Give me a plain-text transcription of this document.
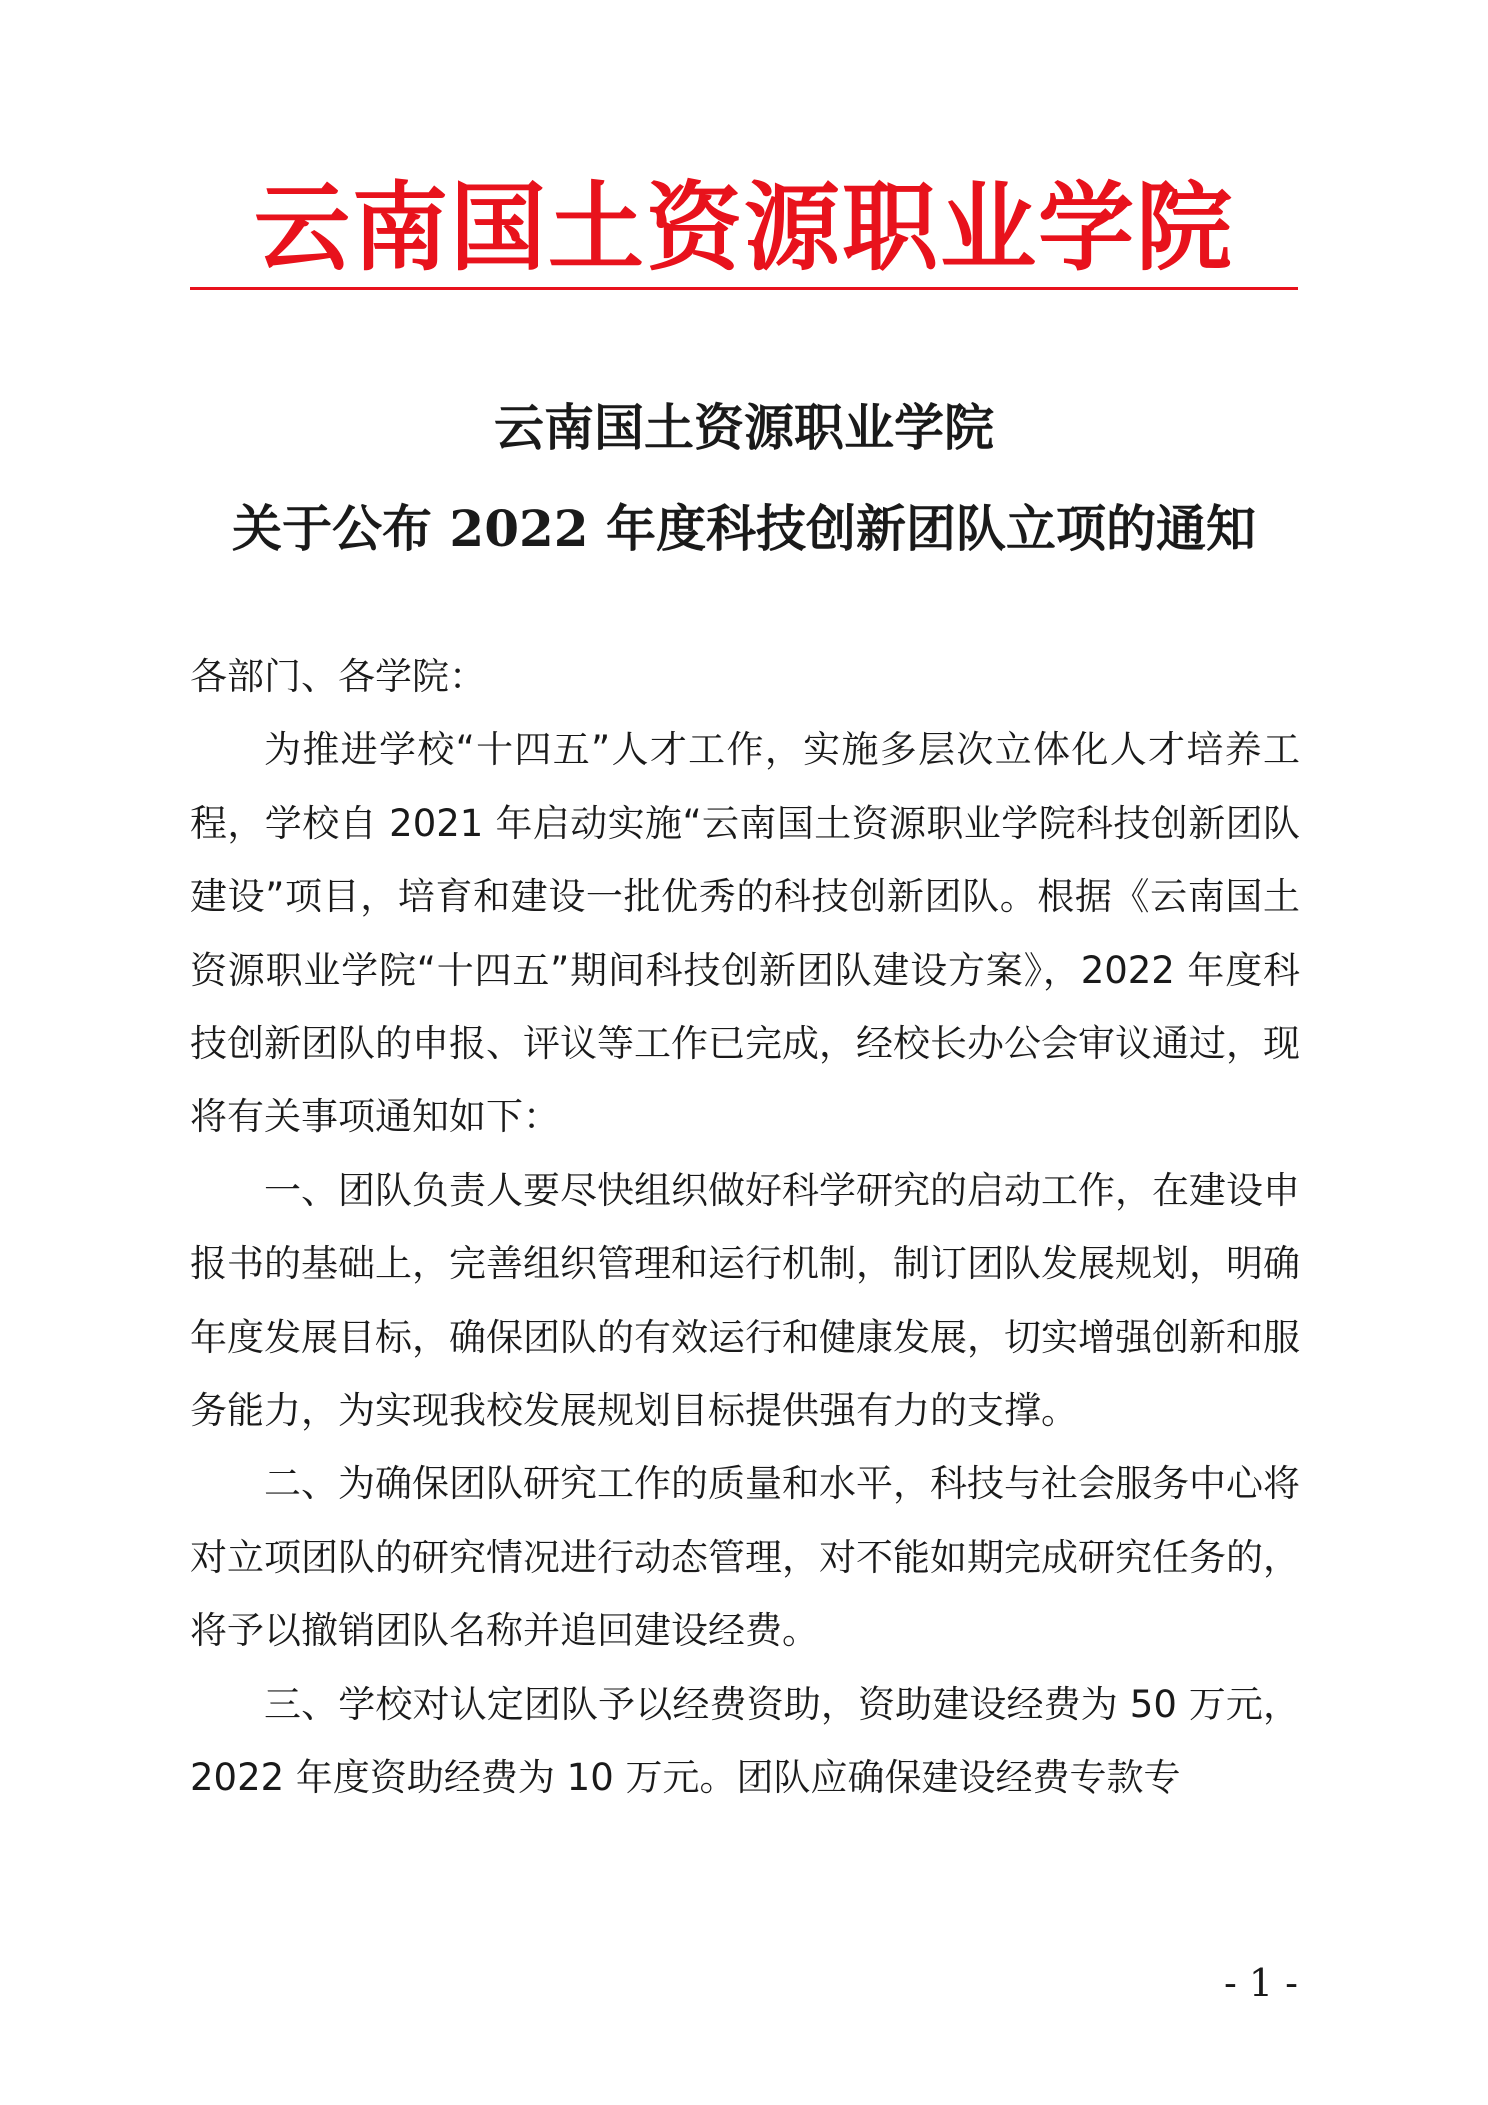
云南国土资源职业学院
云南国土资源职业学院
关于公布 2022 年度科技创新团队立项的通知

各部门、各学院：

为推进学校“十四五”人才工作，实施多层次立体化人才培养工程，学校自 2021 年启动实施“云南国土资源职业学院科技创新团队建设”项目，培育和建设一批优秀的科技创新团队。根据《云南国土资源职业学院“十四五”期间科技创新团队建设方案》，2022 年度科技创新团队的申报、评议等工作已完成，经校长办公会审议通过，现将有关事项通知如下：

一、团队负责人要尽快组织做好科学研究的启动工作，在建设申报书的基础上，完善组织管理和运行机制，制订团队发展规划，明确年度发展目标，确保团队的有效运行和健康发展，切实增强创新和服务能力，为实现我校发展规划目标提供强有力的支撑。

二、为确保团队研究工作的质量和水平，科技与社会服务中心将对立项团队的研究情况进行动态管理，对不能如期完成研究任务的，将予以撤销团队名称并追回建设经费。

三、学校对认定团队予以经费资助，资助建设经费为 50 万元，2022 年度资助经费为 10 万元。团队应确保建设经费专款专

- 1 -
